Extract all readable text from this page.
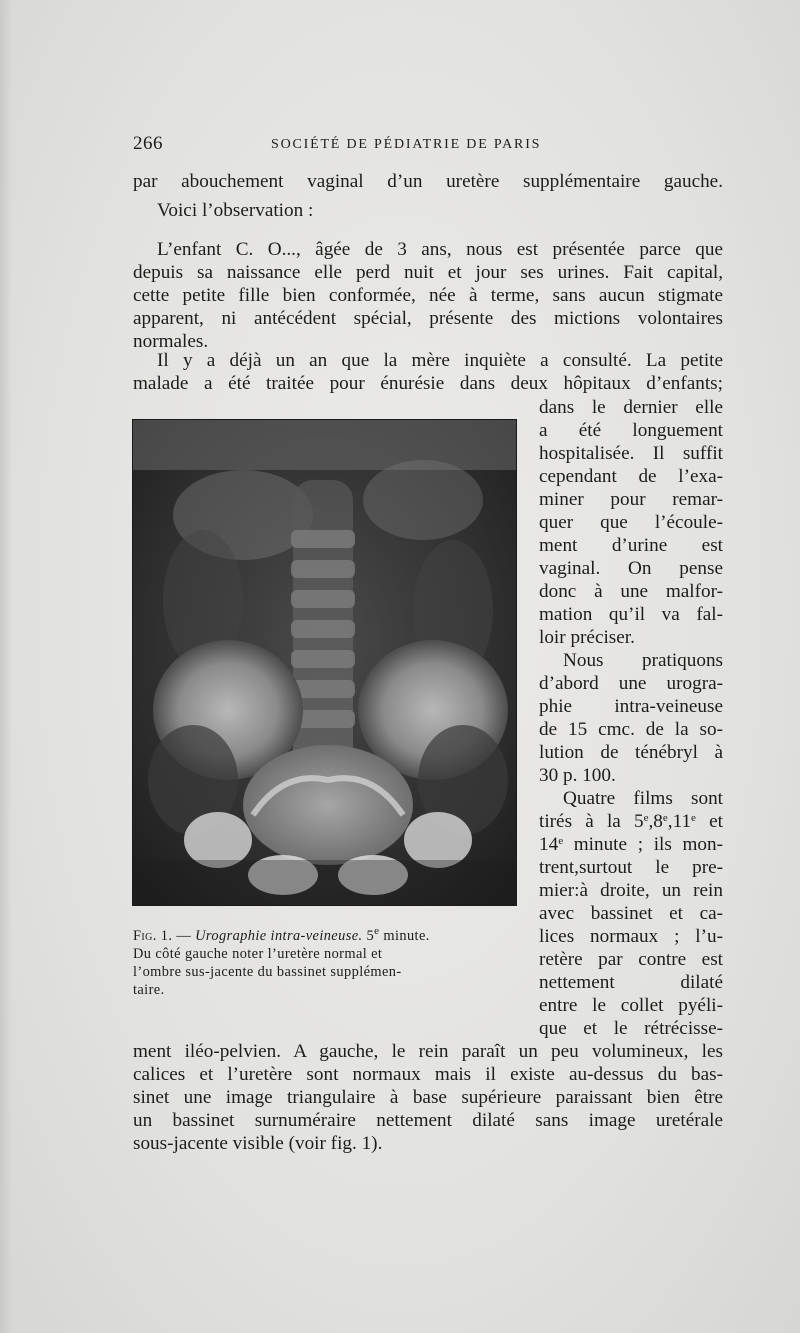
266	SOCIÉTÉ DE PÉDIATRIE DE PARIS
par abouchement vaginal d’un uretère supplémentaire gauche.
Voici l’observation :
L’enfant C. O..., âgée de 3 ans, nous est présentée parce que
depuis sa naissance elle perd nuit et jour ses urines. Fait capital,
cette petite fille bien conformée, née à terme, sans aucun stigmate
apparent, ni antécédent spécial, présente des mictions volontaires
normales.
Il y a déjà un an que la mère inquiète a consulté. La petite
malade a été traitée pour énurésie dans deux hôpitaux d’enfants;
dans le dernier elle
a été longuement
hospitalisée. Il suffit
cependant de l’exa-
miner pour remar-
quer que l’écoule-
ment d’urine est
vaginal. On pense
donc à une malfor-
mation qu’il va fal-
loir préciser.
Nous pratiquons
d’abord une urogra-
phie intra-veineuse
de 15 cmc. de la so-
lution de ténébryl à
30 p. 100.
Quatre films sont
tirés à la 5e,8e,11e et
14e minute ; ils mon-
trent,surtout le pre-
mier:à droite, un rein
avec bassinet et ca-
lices normaux ; l’u-
retère par contre est
nettement dilaté
entre le collet pyéli-
que et le rétrécisse-
ment iléo-pelvien. A gauche, le rein paraît un peu volumineux, les
calices et l’uretère sont normaux mais il existe au-dessus du bas-
sinet une image triangulaire à base supérieure paraissant bien être
un bassinet surnuméraire nettement dilaté sans image uretérale
sous-jacente visible (voir fig. 1).
Fig. 1. — Urographie intra-veineuse. 5e minute.
Du côté gauche noter l’uretère normal et
l’ombre sus-jacente du bassinet supplémen-
taire.
